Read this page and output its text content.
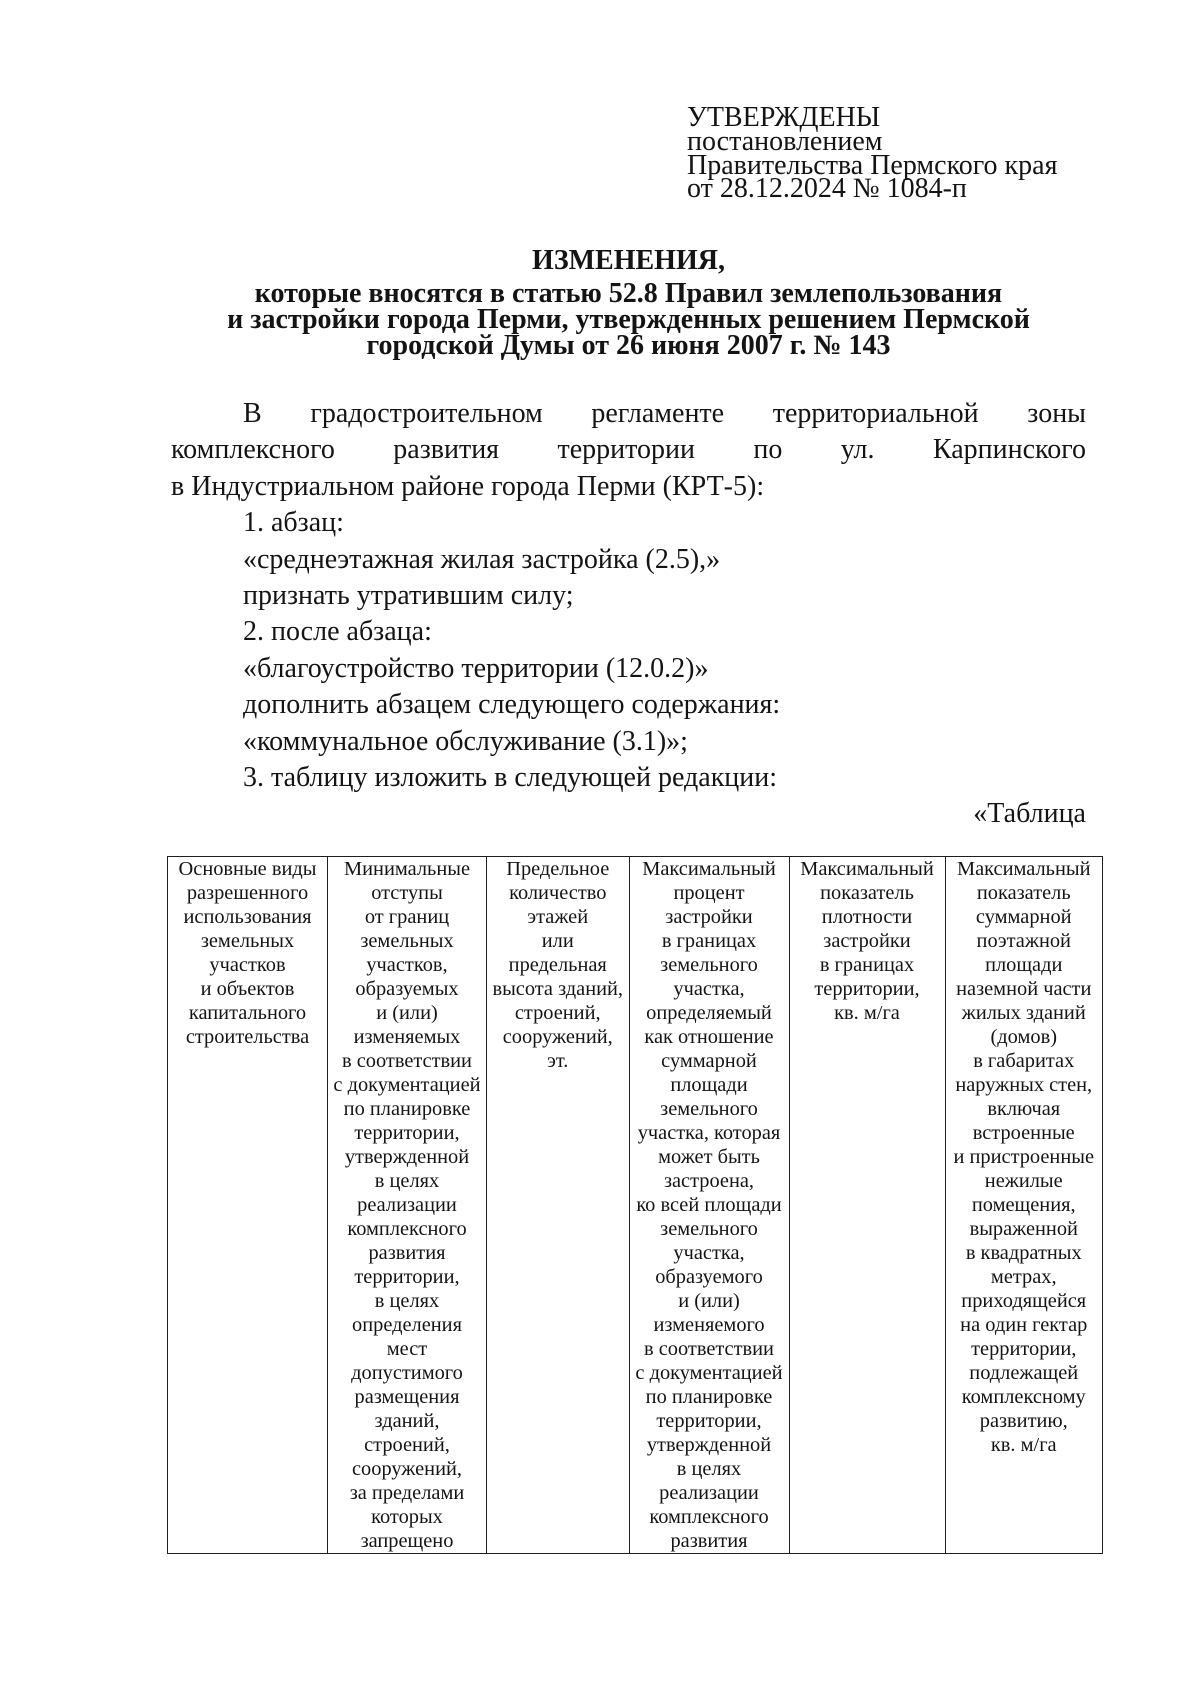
УТВЕРЖДЕНЫ
постановлением
Правительства Пермского края
от 28.12.2024 № 1084-п
ИЗМЕНЕНИЯ,
которые вносятся в статью 52.8 Правил землепользования
и застройки города Перми, утвержденных решением Пермской
городской Думы от 26 июня 2007 г. № 143
В градостроительном регламенте территориальной зоны
комплексного развития территории по ул. Карпинского
в Индустриальном районе города Перми (КРТ-5):
1. абзац:
«среднеэтажная жилая застройка (2.5),»
признать утратившим силу;
2. после абзаца:
«благоустройство территории (12.0.2)»
дополнить абзацем следующего содержания:
«коммунальное обслуживание (3.1)»;
3. таблицу изложить в следующей редакции:
«Таблица
Основные виды
разрешенного
использования
земельных
участков
и объектов
капитального
строительства

Минимальные
отступы
от границ
земельных
участков,
образуемых
и (или)
изменяемых
в соответствии
с документацией
по планировке
территории,
утвержденной
в целях
реализации
комплексного
развития
территории,
в целях
определения
мест
допустимого
размещения
зданий,
строений,
сооружений,
за пределами
которых
запрещено

Предельное
количество
этажей
или
предельная
высота зданий,
строений,
сооружений,
эт.

Максимальный
процент
застройки
в границах
земельного
участка,
определяемый
как отношение
суммарной
площади
земельного
участка, которая
может быть
застроена,
ко всей площади
земельного
участка,
образуемого
и (или)
изменяемого
в соответствии
с документацией
по планировке
территории,
утвержденной
в целях
реализации
комплексного
развития

Максимальный
показатель
плотности
застройки
в границах
территории,
кв. м/га

Максимальный
показатель
суммарной
поэтажной
площади
наземной части
жилых зданий
(домов)
в габаритах
наружных стен,
включая
встроенные
и пристроенные
нежилые
помещения,
выраженной
в квадратных
метрах,
приходящейся
на один гектар
территории,
подлежащей
комплексному
развитию,
кв. м/га
